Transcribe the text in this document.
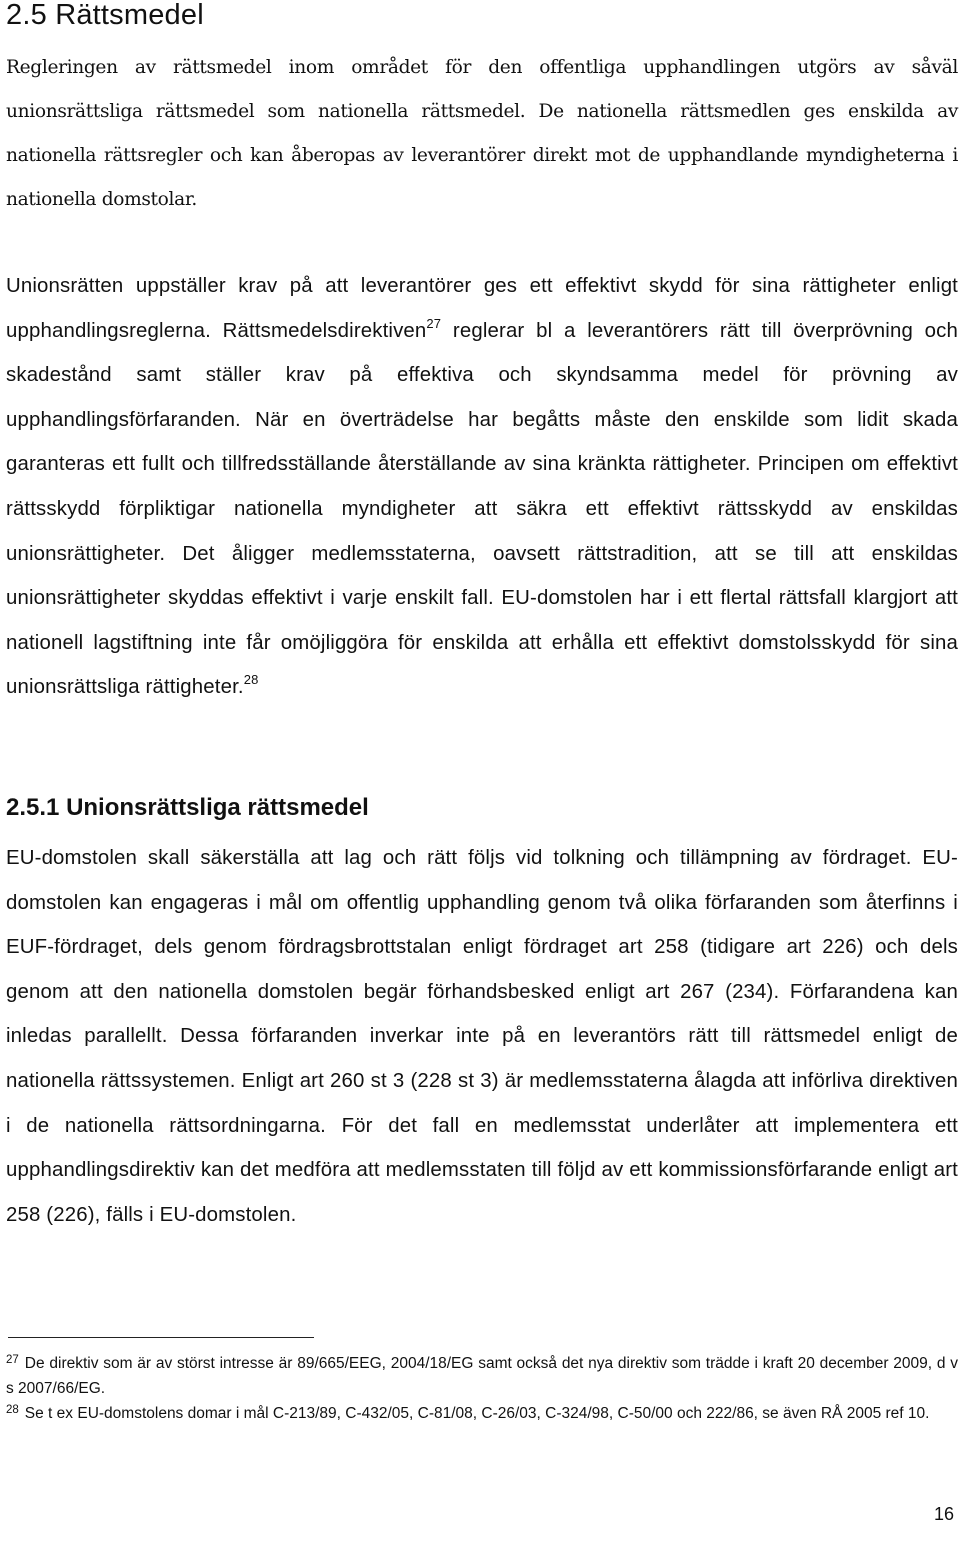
2.5 Rättsmedel

Regleringen av rättsmedel inom området för den offentliga upphandlingen utgörs av såväl unionsrättsliga rättsmedel som nationella rättsmedel. De nationella rättsmedlen ges enskilda av nationella rättsregler och kan åberopas av leverantörer direkt mot de upphandlande myndigheterna i nationella domstolar.

Unionsrätten uppställer krav på att leverantörer ges ett effektivt skydd för sina rättigheter enligt upphandlingsreglerna. Rättsmedelsdirektiven$^{27}$ reglerar bl a leverantörers rätt till överprövning och skadestånd samt ställer krav på effektiva och skyndsamma medel för prövning av upphandlingsförfaranden. När en överträdelse har begåtts måste den enskilde som lidit skada garanteras ett fullt och tillfredsställande återställande av sina kränkta rättigheter. Principen om effektivt rättsskydd förpliktigar nationella myndigheter att säkra ett effektivt rättsskydd av enskildas unionsrättigheter. Det åligger medlemsstaterna, oavsett rättstradition, att se till att enskildas unionsrättigheter skyddas effektivt i varje enskilt fall. EU-domstolen har i ett flertal rättsfall klargjort att nationell lagstiftning inte får omöjliggöra för enskilda att erhålla ett effektivt domstolsskydd för sina unionsrättsliga rättigheter.$^{28}$

2.5.1 Unionsrättsliga rättsmedel

EU-domstolen skall säkerställa att lag och rätt följs vid tolkning och tillämpning av fördraget. EU-domstolen kan engageras i mål om offentlig upphandling genom två olika förfaranden som återfinns i EUF-fördraget, dels genom fördragsbrottstalan enligt fördraget art 258 (tidigare art 226) och dels genom att den nationella domstolen begär förhandsbesked enligt art 267 (234). Förfarandena kan inledas parallellt. Dessa förfaranden inverkar inte på en leverantörs rätt till rättsmedel enligt de nationella rättssystemen. Enligt art 260 st 3 (228 st 3) är medlemsstaterna ålagda att införliva direktiven i de nationella rättsordningarna. För det fall en medlemsstat underlåter att implementera ett upphandlingsdirektiv kan det medföra att medlemsstaten till följd av ett kommissionsförfarande enligt art 258 (226), fälls i EU-domstolen.

$^{27}$ De direktiv som är av störst intresse är 89/665/EEG, 2004/18/EG samt också det nya direktiv som trädde i kraft 20 december 2009, d v s 2007/66/EG.

$^{28}$ Se t ex EU-domstolens domar i mål C-213/89, C-432/05, C-81/08, C-26/03, C-324/98, C-50/00 och 222/86, se även RÅ 2005 ref 10.

16
